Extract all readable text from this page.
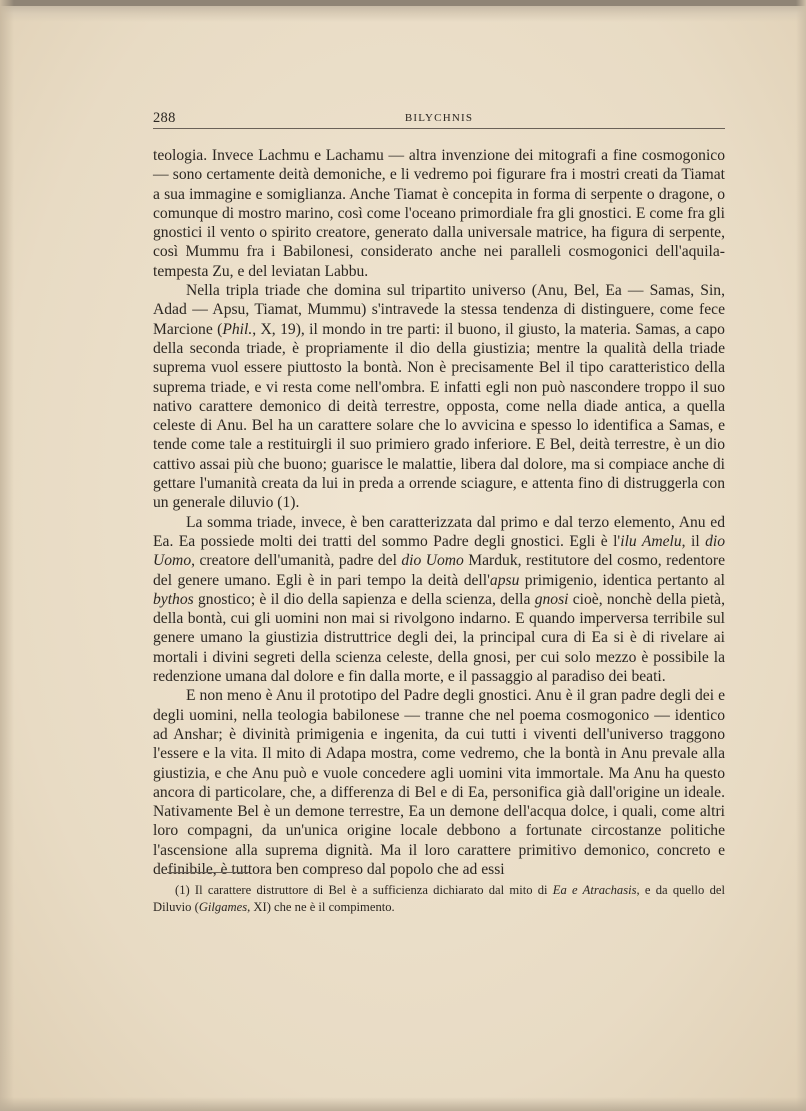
288	BILYCHNIS

teologia. Invece Lachmu e Lachamu — altra invenzione dei mitografi a fine cosmogonico — sono certamente deità demoniche, e li vedremo poi figurare fra i mostri creati da Tiamat a sua immagine e somiglianza. Anche Tiamat è concepita in forma di serpente o dragone, o comunque di mostro marino, così come l'oceano primordiale fra gli gnostici. E come fra gli gnostici il vento o spirito creatore, generato dalla universale matrice, ha figura di serpente, così Mummu fra i Babilonesi, considerato anche nei paralleli cosmogonici dell'aquila-tempesta Zu, e del leviatan Labbu.

Nella tripla triade che domina sul tripartito universo (Anu, Bel, Ea — Samas, Sin, Adad — Apsu, Tiamat, Mummu) s'intravede la stessa tendenza di distinguere, come fece Marcione (Phil., X, 19), il mondo in tre parti: il buono, il giusto, la materia. Samas, a capo della seconda triade, è propriamente il dio della giustizia; mentre la qualità della triade suprema vuol essere piuttosto la bontà. Non è precisamente Bel il tipo caratteristico della suprema triade, e vi resta come nell'ombra. E infatti egli non può nascondere troppo il suo nativo carattere demonico di deità terrestre, opposta, come nella diade antica, a quella celeste di Anu. Bel ha un carattere solare che lo avvicina e spesso lo identifica a Samas, e tende come tale a restituirgli il suo primiero grado inferiore. E Bel, deità terrestre, è un dio cattivo assai più che buono; guarisce le malattie, libera dal dolore, ma si compiace anche di gettare l'umanità creata da lui in preda a orrende sciagure, e attenta fino di distruggerla con un generale diluvio (1).

La somma triade, invece, è ben caratterizzata dal primo e dal terzo elemento, Anu ed Ea. Ea possiede molti dei tratti del sommo Padre degli gnostici. Egli è l'ilu Amelu, il dio Uomo, creatore dell'umanità, padre del dio Uomo Marduk, restitutore del cosmo, redentore del genere umano. Egli è in pari tempo la deità dell'apsu primigenio, identica pertanto al bythos gnostico; è il dio della sapienza e della scienza, della gnosi cioè, nonchè della pietà, della bontà, cui gli uomini non mai si rivolgono indarno. E quando imperversa terribile sul genere umano la giustizia distruttrice degli dei, la principal cura di Ea si è di rivelare ai mortali i divini segreti della scienza celeste, della gnosi, per cui solo mezzo è possibile la redenzione umana dal dolore e fin dalla morte, e il passaggio al paradiso dei beati.

E non meno è Anu il prototipo del Padre degli gnostici. Anu è il gran padre degli dei e degli uomini, nella teologia babilonese — tranne che nel poema cosmogonico — identico ad Anshar; è divinità primigenia e ingenita, da cui tutti i viventi dell'universo traggono l'essere e la vita. Il mito di Adapa mostra, come vedremo, che la bontà in Anu prevale alla giustizia, e che Anu può e vuole concedere agli uomini vita immortale. Ma Anu ha questo ancora di particolare, che, a differenza di Bel e di Ea, personifica già dall'origine un ideale. Nativamente Bel è un demone terrestre, Ea un demone dell'acqua dolce, i quali, come altri loro compagni, da un'unica origine locale debbono a fortunate circostanze politiche l'ascensione alla suprema dignità. Ma il loro carattere primitivo demonico, concreto e definibile, è tuttora ben compreso dal popolo che ad essi

(1) Il carattere distruttore di Bel è a sufficienza dichiarato dal mito di Ea e Atrachasis, e da quello del Diluvio (Gilgames, XI) che ne è il compimento.
